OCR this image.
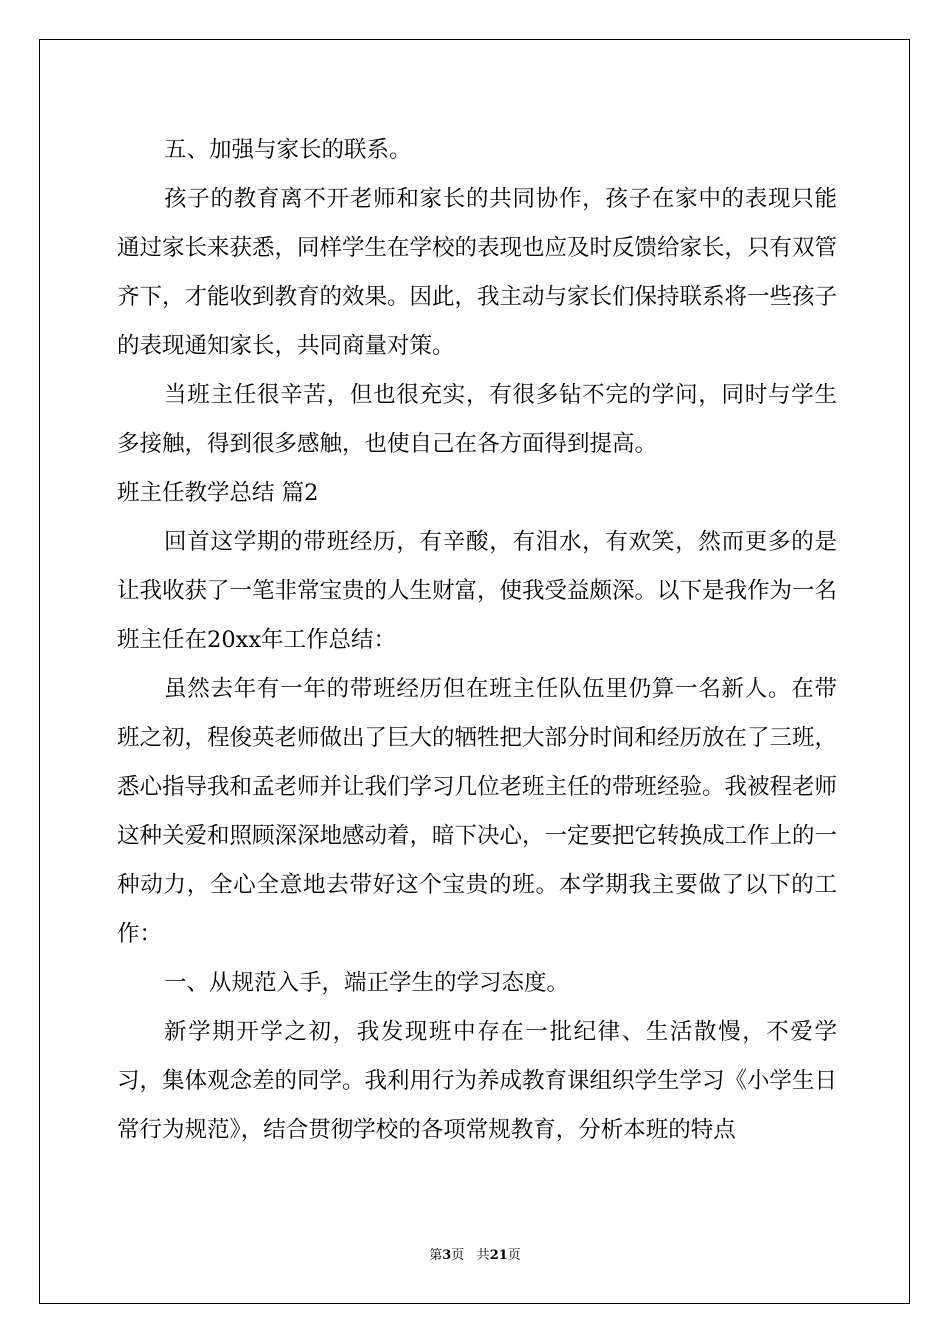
五、加强与家长的联系。

孩子的教育离不开老师和家长的共同协作，孩子在家中的表现只能通过家长来获悉，同样学生在学校的表现也应及时反馈给家长，只有双管齐下，才能收到教育的效果。因此，我主动与家长们保持联系将一些孩子的表现通知家长，共同商量对策。

当班主任很辛苦，但也很充实，有很多钻不完的学问，同时与学生多接触，得到很多感触，也使自己在各方面得到提高。

班主任教学总结 篇2

回首这学期的带班经历，有辛酸，有泪水，有欢笑，然而更多的是让我收获了一笔非常宝贵的人生财富，使我受益颇深。以下是我作为一名班主任在20xx年工作总结：

虽然去年有一年的带班经历但在班主任队伍里仍算一名新人。在带班之初，程俊英老师做出了巨大的牺牲把大部分时间和经历放在了三班，悉心指导我和孟老师并让我们学习几位老班主任的带班经验。我被程老师这种关爱和照顾深深地感动着，暗下决心，一定要把它转换成工作上的一种动力，全心全意地去带好这个宝贵的班。本学期我主要做了以下的工作：

一、从规范入手，端正学生的学习态度。

新学期开学之初，我发现班中存在一批纪律、生活散慢，不爱学习，集体观念差的同学。我利用行为养成教育课组织学生学习《小学生日常行为规范》，结合贯彻学校的各项常规教育，分析本班的特点

第3页 共21页
